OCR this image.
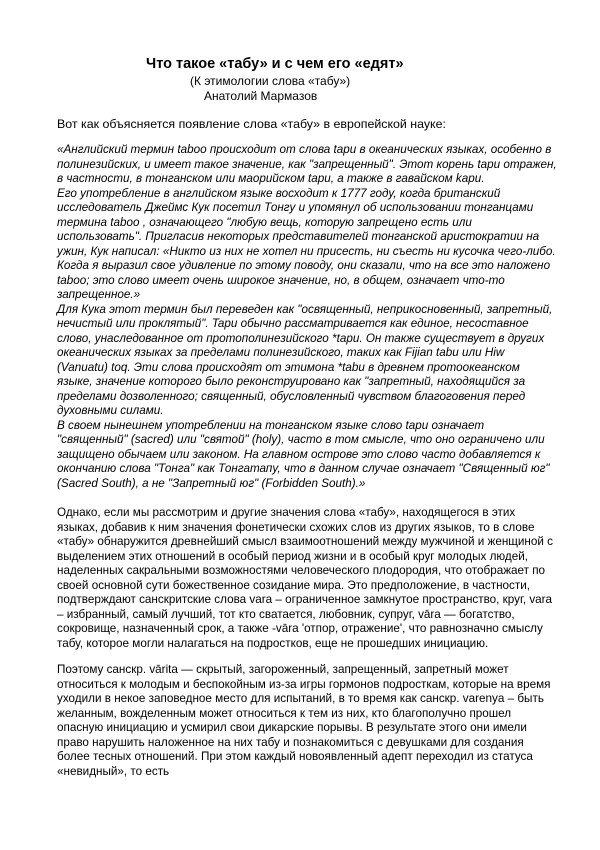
Что такое «табу» и с чем его «едят»
(К этимологии слова «табу»)
Анатолий Мармазов
Вот как объясняется появление слова «табу» в европейской науке:

«Английский термин taboo происходит от слова tapu в океанических языках, особенно в полинезийских, и имеет такое значение, как "запрещенный". Этот корень tapu отражен, в частности, в тонганском или маорийском tapu, а также в гавайском kapu.

Его употребление в английском языке восходит к 1777 году, когда британский исследователь Джеймс Кук посетил Тонгу и упомянул об использовании тонганцами термина taboo , означающего "любую вещь, которую запрещено есть или использовать". Пригласив некоторых представителей тонганской аристократии на ужин, Кук написал: «Никто из них не хотел ни присесть, ни съесть ни кусочка чего-либо. Когда я выразил свое удивление по этому поводу, они сказали, что на все это наложено taboo; это слово имеет очень широкое значение, но, в общем, означает что-то запрещенное.»

Для Кука этот термин был переведен как "освященный, неприкосновенный, запретный, нечистый или проклятый". Tapu обычно рассматривается как единое, несоставное слово, унаследованное от протополинезийского *tapu. Он также существует в других океанических языках за пределами полинезийского, таких как Fijian tabu или Hiw (Vanuatu) toq. Эти слова происходят от этимона *tabu в древнем протоокеанском языке, значение которого было реконструировано как "запретный, находящийся за пределами дозволенного; священный, обусловленный чувством благоговения перед духовными силами.

В своем нынешнем употреблении на тонганском языке слово tapu означает "священный" (sacred) или "святой" (holy), часто в том смысле, что оно ограничено или защищено обычаем или законом. На главном острове это слово часто добавляется к окончанию слова "Тонга" как Тонгатапу, что в данном случае означает "Священный юг" (Sacred South), а не "Запретный юг" (Forbidden South).»

Однако, если мы рассмотрим и другие значения слова «табу», находящегося в этих языках, добавив к ним значения фонетически схожих слов из других языков, то в слове «табу» обнаружится древнейший смысл взаимоотношений между мужчиной и женщиной с выделением этих отношений в особый период жизни и в особый круг молодых людей, наделенных сакральными возможностями человеческого плодородия, что отображает по своей основной сути божественное созидание мира. Это предположение, в частности, подтверждают санскритские слова vara – ограниченное замкнутое пространство, круг, vara – избранный, самый лучший, тот кто сватается, любовник, супруг, vāra — богатство, сокровище, назначенный срок, а также -vāra 'отпор, отражение', что равнозначно смыслу табу, которое могли налагаться на подростков, еще не прошедших инициацию.

Поэтому санскр. vārita — скрытый, загороженный, запрещенный, запретный может относиться к молодым и беспокойным из-за игры гормонов подросткам, которые на время уходили в некое заповедное место для испытаний, в то время как санскр. varenya – быть желанным, вожделенным может относиться к тем из них, кто благополучно прошел опасную инициацию и усмирил свои дикарские порывы. В результате этого они имели право нарушить наложенное на них табу и познакомиться с девушками для создания более тесных отношений. При этом каждый новоявленный адепт переходил из статуса «невидный», то есть
